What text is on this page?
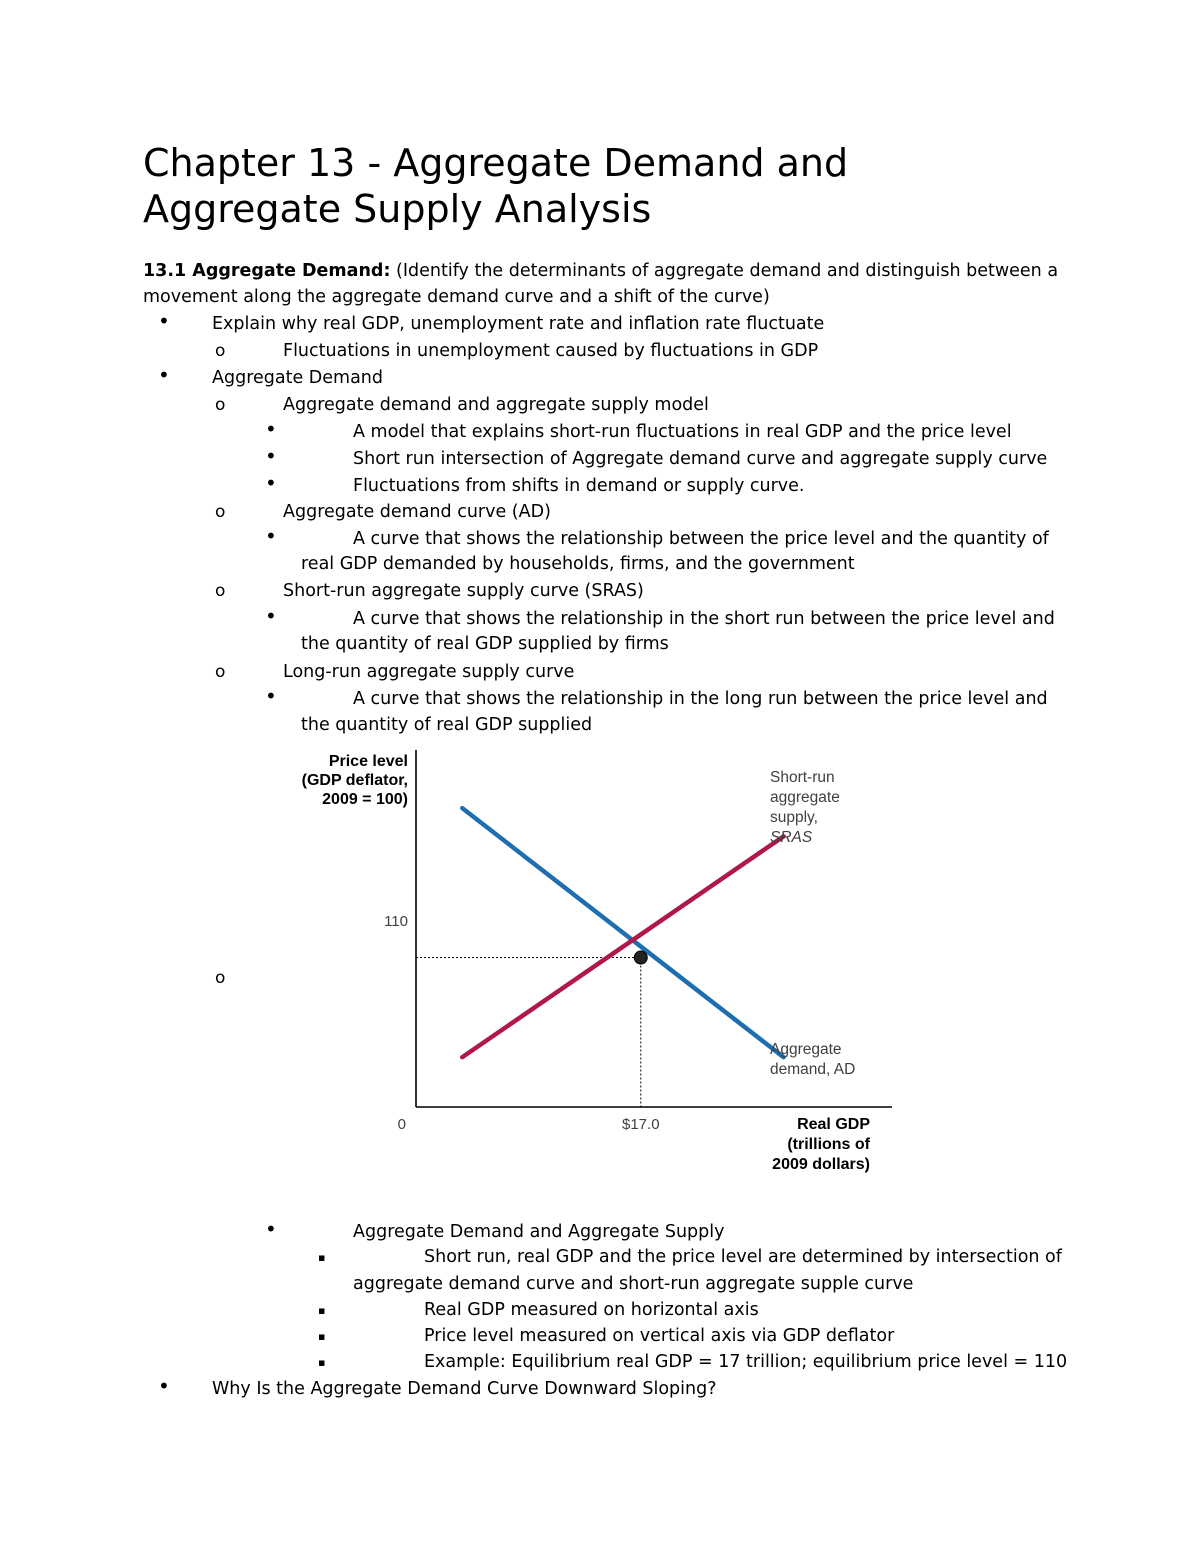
Chapter 13 - Aggregate Demand and
Aggregate Supply Analysis
13.1 Aggregate Demand: (Identify the determinants of aggregate demand and distinguish between a
movement along the aggregate demand curve and a shift of the curve)
• Explain why real GDP, unemployment rate and inflation rate fluctuate
o	Fluctuations in unemployment caused by fluctuations in GDP
• Aggregate Demand
o	Aggregate demand and aggregate supply model
•	A model that explains short-run fluctuations in real GDP and the price level
•	Short run intersection of Aggregate demand curve and aggregate supply curve
•	Fluctuations from shifts in demand or supply curve.
o	Aggregate demand curve (AD)
•	A curve that shows the relationship between the price level and the quantity of
real GDP demanded by households, firms, and the government
o	Short-run aggregate supply curve (SRAS)
•	A curve that shows the relationship in the short run between the price level and
the quantity of real GDP supplied by firms
o	Long-run aggregate supply curve
•	A curve that shows the relationship in the long run between the price level and
the quantity of real GDP supplied
o
Price level (GDP deflator, 2009 = 100)
Real GDP (trillions of 2009 dollars)
0	$17.0
110
Short-run aggregate supply, SRAS
Aggregate demand, AD
•	Aggregate Demand and Aggregate Supply
▪	Short run, real GDP and the price level are determined by intersection of
aggregate demand curve and short-run aggregate supple curve
▪	Real GDP measured on horizontal axis
▪	Price level measured on vertical axis via GDP deflator
▪	Example: Equilibrium real GDP = 17 trillion; equilibrium price level = 110
• Why Is the Aggregate Demand Curve Downward Sloping?
